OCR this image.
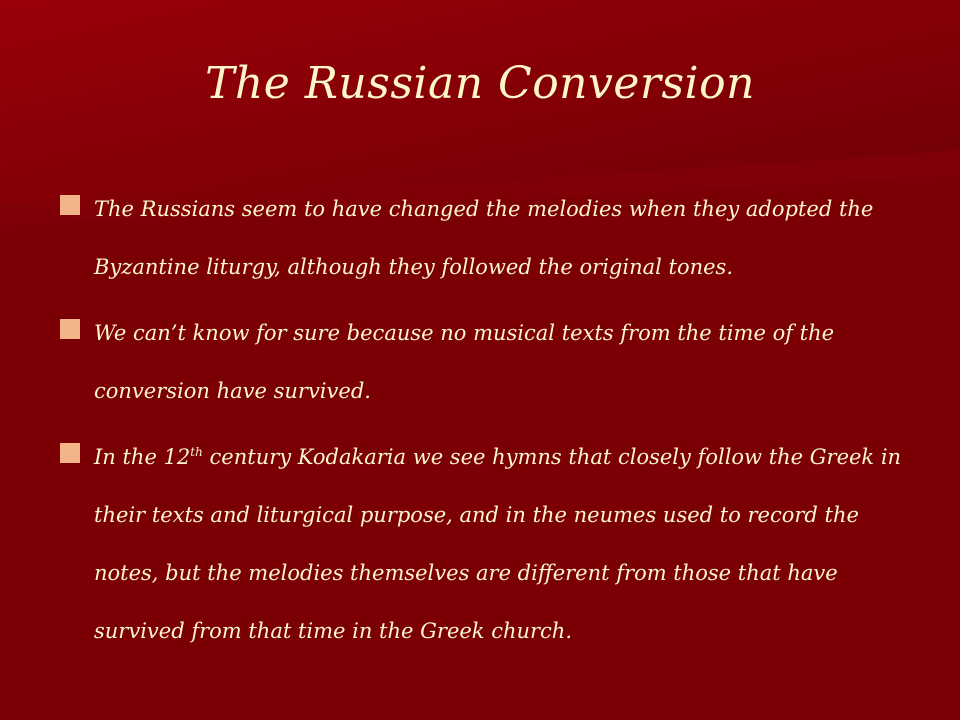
The Russian Conversion
The Russians seem to have changed the melodies when they adopted the Byzantine liturgy, although they followed the original tones.
We can’t know for sure because no musical texts from the time of the conversion have survived.
In the 12th century Kodakaria we see hymns that closely follow the Greek in their texts and liturgical purpose, and in the neumes used to record the notes, but the melodies themselves are different from those that have survived from that time in the Greek church.
